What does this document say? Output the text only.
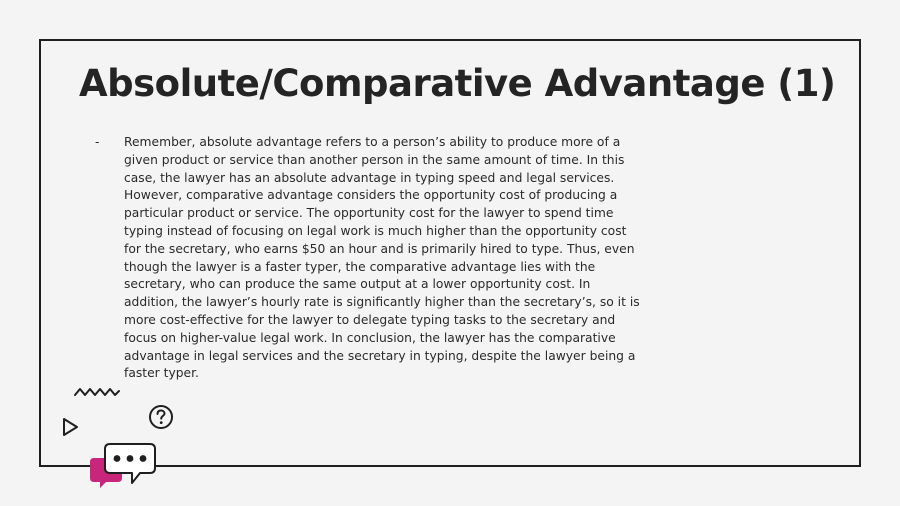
Absolute/Comparative Advantage (1)
- Remember, absolute advantage refers to a person’s ability to produce more of a given product or service than another person in the same amount of time. In this case, the lawyer has an absolute advantage in typing speed and legal services. However, comparative advantage considers the opportunity cost of producing a particular product or service. The opportunity cost for the lawyer to spend time typing instead of focusing on legal work is much higher than the opportunity cost for the secretary, who earns $50 an hour and is primarily hired to type. Thus, even though the lawyer is a faster typer, the comparative advantage lies with the secretary, who can produce the same output at a lower opportunity cost. In addition, the lawyer’s hourly rate is significantly higher than the secretary’s, so it is more cost-effective for the lawyer to delegate typing tasks to the secretary and focus on higher-value legal work. In conclusion, the lawyer has the comparative advantage in legal services and the secretary in typing, despite the lawyer being a faster typer.
